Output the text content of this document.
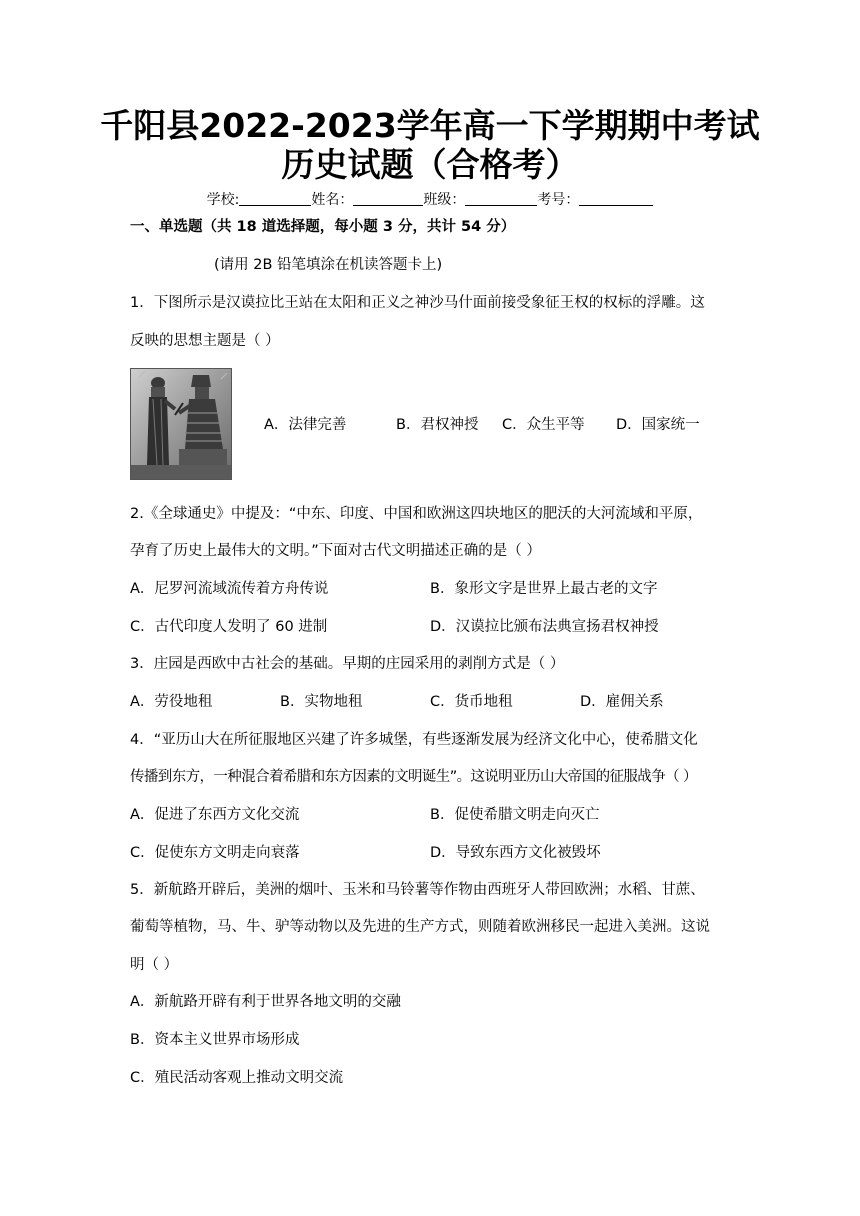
千阳县2022-2023学年高一下学期期中考试
历史试题（合格考）
学校:	姓名：	班级：	考号：
一、单选题（共 18 道选择题，每小题 3 分，共计 54 分）
(请用 2B 铅笔填涂在机读答题卡上)
1．下图所示是汉谟拉比王站在太阳和正义之神沙马什面前接受象征王权的权标的浮雕。这
反映的思想主题是（ ）
A．法律完善	B．君权神授 C．众生平等 D．国家统一
2.《全球通史》中提及：“中东、印度、中国和欧洲这四块地区的肥沃的大河流域和平原，
孕育了历史上最伟大的文明。”下面对古代文明描述正确的是（ ）
A．尼罗河流域流传着方舟传说	B．象形文字是世界上最古老的文字
C．古代印度人发明了 60 进制	D．汉谟拉比颁布法典宣扬君权神授
3．庄园是西欧中古社会的基础。早期的庄园采用的剥削方式是（ ）
A．劳役地租	B．实物地租	C．货币地租	D．雇佣关系
4．“亚历山大在所征服地区兴建了许多城堡，有些逐渐发展为经济文化中心，使希腊文化
传播到东方，一种混合着希腊和东方因素的文明诞生”。这说明亚历山大帝国的征服战争（ ）
A．促进了东西方文化交流	B．促使希腊文明走向灭亡
C．促使东方文明走向衰落	D．导致东西方文化被毁坏
5．新航路开辟后，美洲的烟叶、玉米和马铃薯等作物由西班牙人带回欧洲；水稻、甘蔗、
葡萄等植物，马、牛、驴等动物以及先进的生产方式，则随着欧洲移民一起进入美洲。这说
明（ ）
A．新航路开辟有利于世界各地文明的交融
B．资本主义世界市场形成
C．殖民活动客观上推动文明交流
